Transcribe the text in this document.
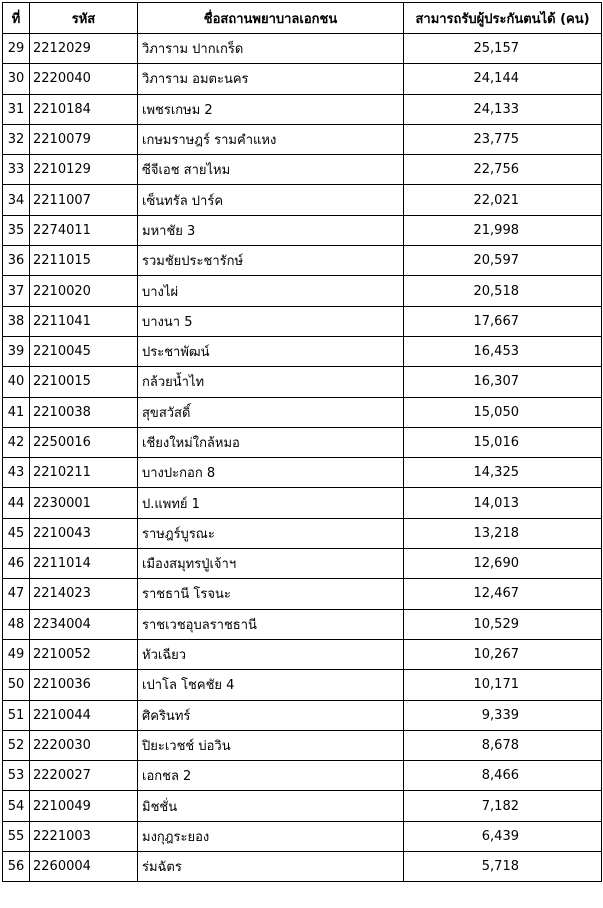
ที่	รหัส	ชื่อสถานพยาบาลเอกชน	สามารถรับผู้ประกันตนได้ (คน)
29	2212029	วิภาราม ปากเกร็ด	25,157
30	2220040	วิภาราม อมตะนคร	24,144
31	2210184	เพชรเกษม 2	24,133
32	2210079	เกษมราษฎร์ รามคำแหง	23,775
33	2210129	ซีจีเอช สายไหม	22,756
34	2211007	เซ็นทรัล ปาร์ค	22,021
35	2274011	มหาชัย 3	21,998
36	2211015	รวมชัยประชารักษ์	20,597
37	2210020	บางไผ่	20,518
38	2211041	บางนา 5	17,667
39	2210045	ประชาพัฒน์	16,453
40	2210015	กล้วยน้ำไท	16,307
41	2210038	สุขสวัสดิ์	15,050
42	2250016	เชียงใหม่ใกล้หมอ	15,016
43	2210211	บางปะกอก 8	14,325
44	2230001	ป.แพทย์ 1	14,013
45	2210043	ราษฎร์บูรณะ	13,218
46	2211014	เมืองสมุทรปู่เจ้าฯ	12,690
47	2214023	ราชธานี โรจนะ	12,467
48	2234004	ราชเวชอุบลราชธานี	10,529
49	2210052	หัวเฉียว	10,267
50	2210036	เปาโล โชคชัย 4	10,171
51	2210044	ศิครินทร์	9,339
52	2220030	ปิยะเวชช์ บ่อวิน	8,678
53	2220027	เอกชล 2	8,466
54	2210049	มิชชั่น	7,182
55	2221003	มงกุฎระยอง	6,439
56	2260004	ร่มฉัตร	5,718
